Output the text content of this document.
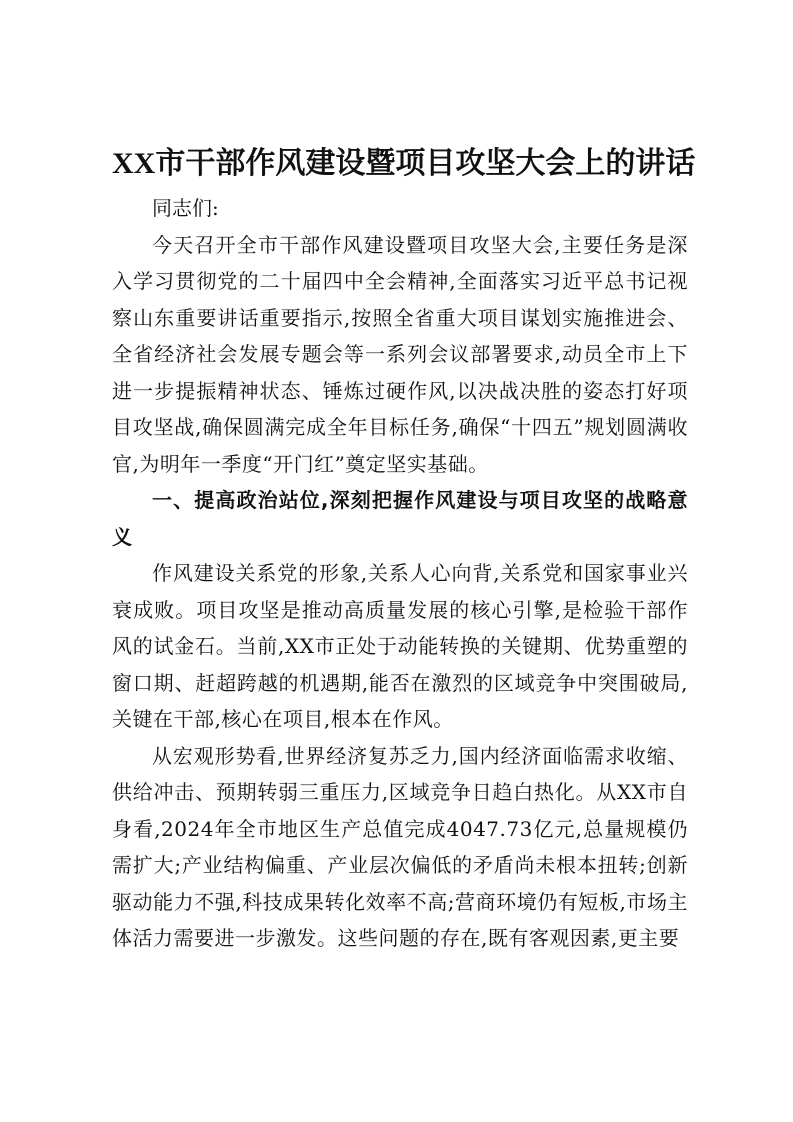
XX市干部作风建设暨项目攻坚大会上的讲话

同志们:

今天召开全市干部作风建设暨项目攻坚大会,主要任务是深入学习贯彻党的二十届四中全会精神,全面落实习近平总书记视察山东重要讲话重要指示,按照全省重大项目谋划实施推进会、全省经济社会发展专题会等一系列会议部署要求,动员全市上下进一步提振精神状态、锤炼过硬作风,以决战决胜的姿态打好项目攻坚战,确保圆满完成全年目标任务,确保“十四五”规划圆满收官,为明年一季度“开门红”奠定坚实基础。

一、提高政治站位,深刻把握作风建设与项目攻坚的战略意义

作风建设关系党的形象,关系人心向背,关系党和国家事业兴衰成败。项目攻坚是推动高质量发展的核心引擎,是检验干部作风的试金石。当前,XX市正处于动能转换的关键期、优势重塑的窗口期、赶超跨越的机遇期,能否在激烈的区域竞争中突围破局,关键在干部,核心在项目,根本在作风。

从宏观形势看,世界经济复苏乏力,国内经济面临需求收缩、供给冲击、预期转弱三重压力,区域竞争日趋白热化。从XX市自身看,2024年全市地区生产总值完成4047.73亿元,总量规模仍需扩大;产业结构偏重、产业层次偏低的矛盾尚未根本扭转;创新驱动能力不强,科技成果转化效率不高;营商环境仍有短板,市场主体活力需要进一步激发。这些问题的存在,既有客观因素,更主要
